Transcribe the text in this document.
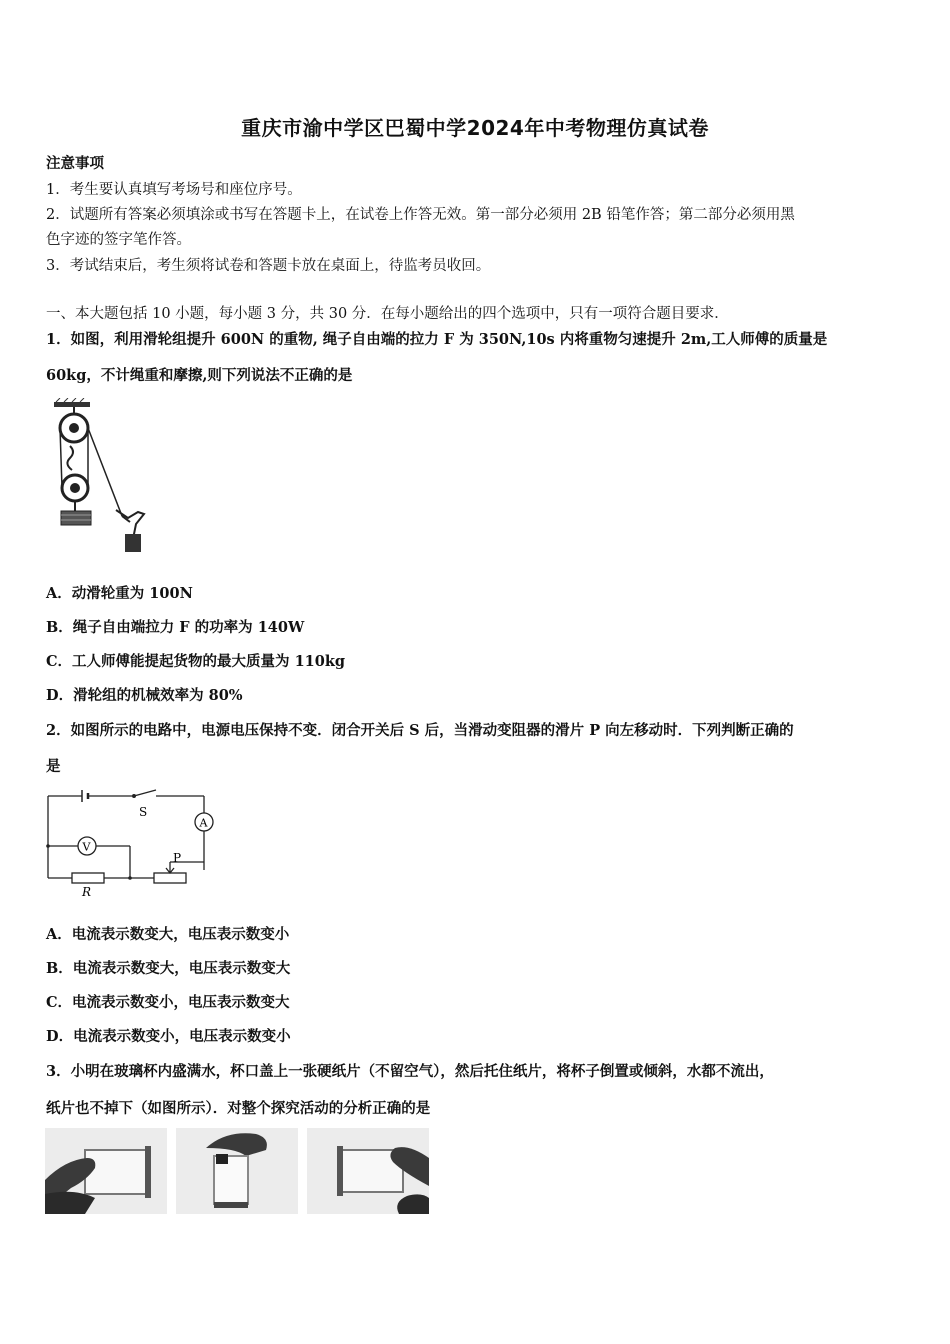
重庆市渝中学区巴蜀中学2024年中考物理仿真试卷
注意事项
1．考生要认真填写考场号和座位序号。
2．试题所有答案必须填涂或书写在答题卡上，在试卷上作答无效。第一部分必须用 2B 铅笔作答；第二部分必须用黑
色字迹的签字笔作答。
3．考试结束后，考生须将试卷和答题卡放在桌面上，待监考员收回。
一、本大题包括 10 小题，每小题 3 分，共 30 分．在每小题给出的四个选项中，只有一项符合题目要求．
1．如图，利用滑轮组提升 600N 的重物, 绳子自由端的拉力 F 为 350N,10s 内将重物匀速提升 2m,工人师傅的质量是
60kg，不计绳重和摩擦,则下列说法不正确的是
A．动滑轮重为 100N
B．绳子自由端拉力 F 的功率为 140W
C．工人师傅能提起货物的最大质量为 110kg
D．滑轮组的机械效率为 80%
2．如图所示的电路中，电源电压保持不变．闭合开关后 S 后，当滑动变阻器的滑片 P 向左移动时．下列判断正确的
是
S
A
V
R
P
A．电流表示数变大，电压表示数变小
B．电流表示数变大，电压表示数变大
C．电流表示数变小，电压表示数变大
D．电流表示数变小，电压表示数变小
3．小明在玻璃杯内盛满水，杯口盖上一张硬纸片（不留空气），然后托住纸片，将杯子倒置或倾斜，水都不流出，
纸片也不掉下（如图所示）．对整个探究活动的分析正确的是
